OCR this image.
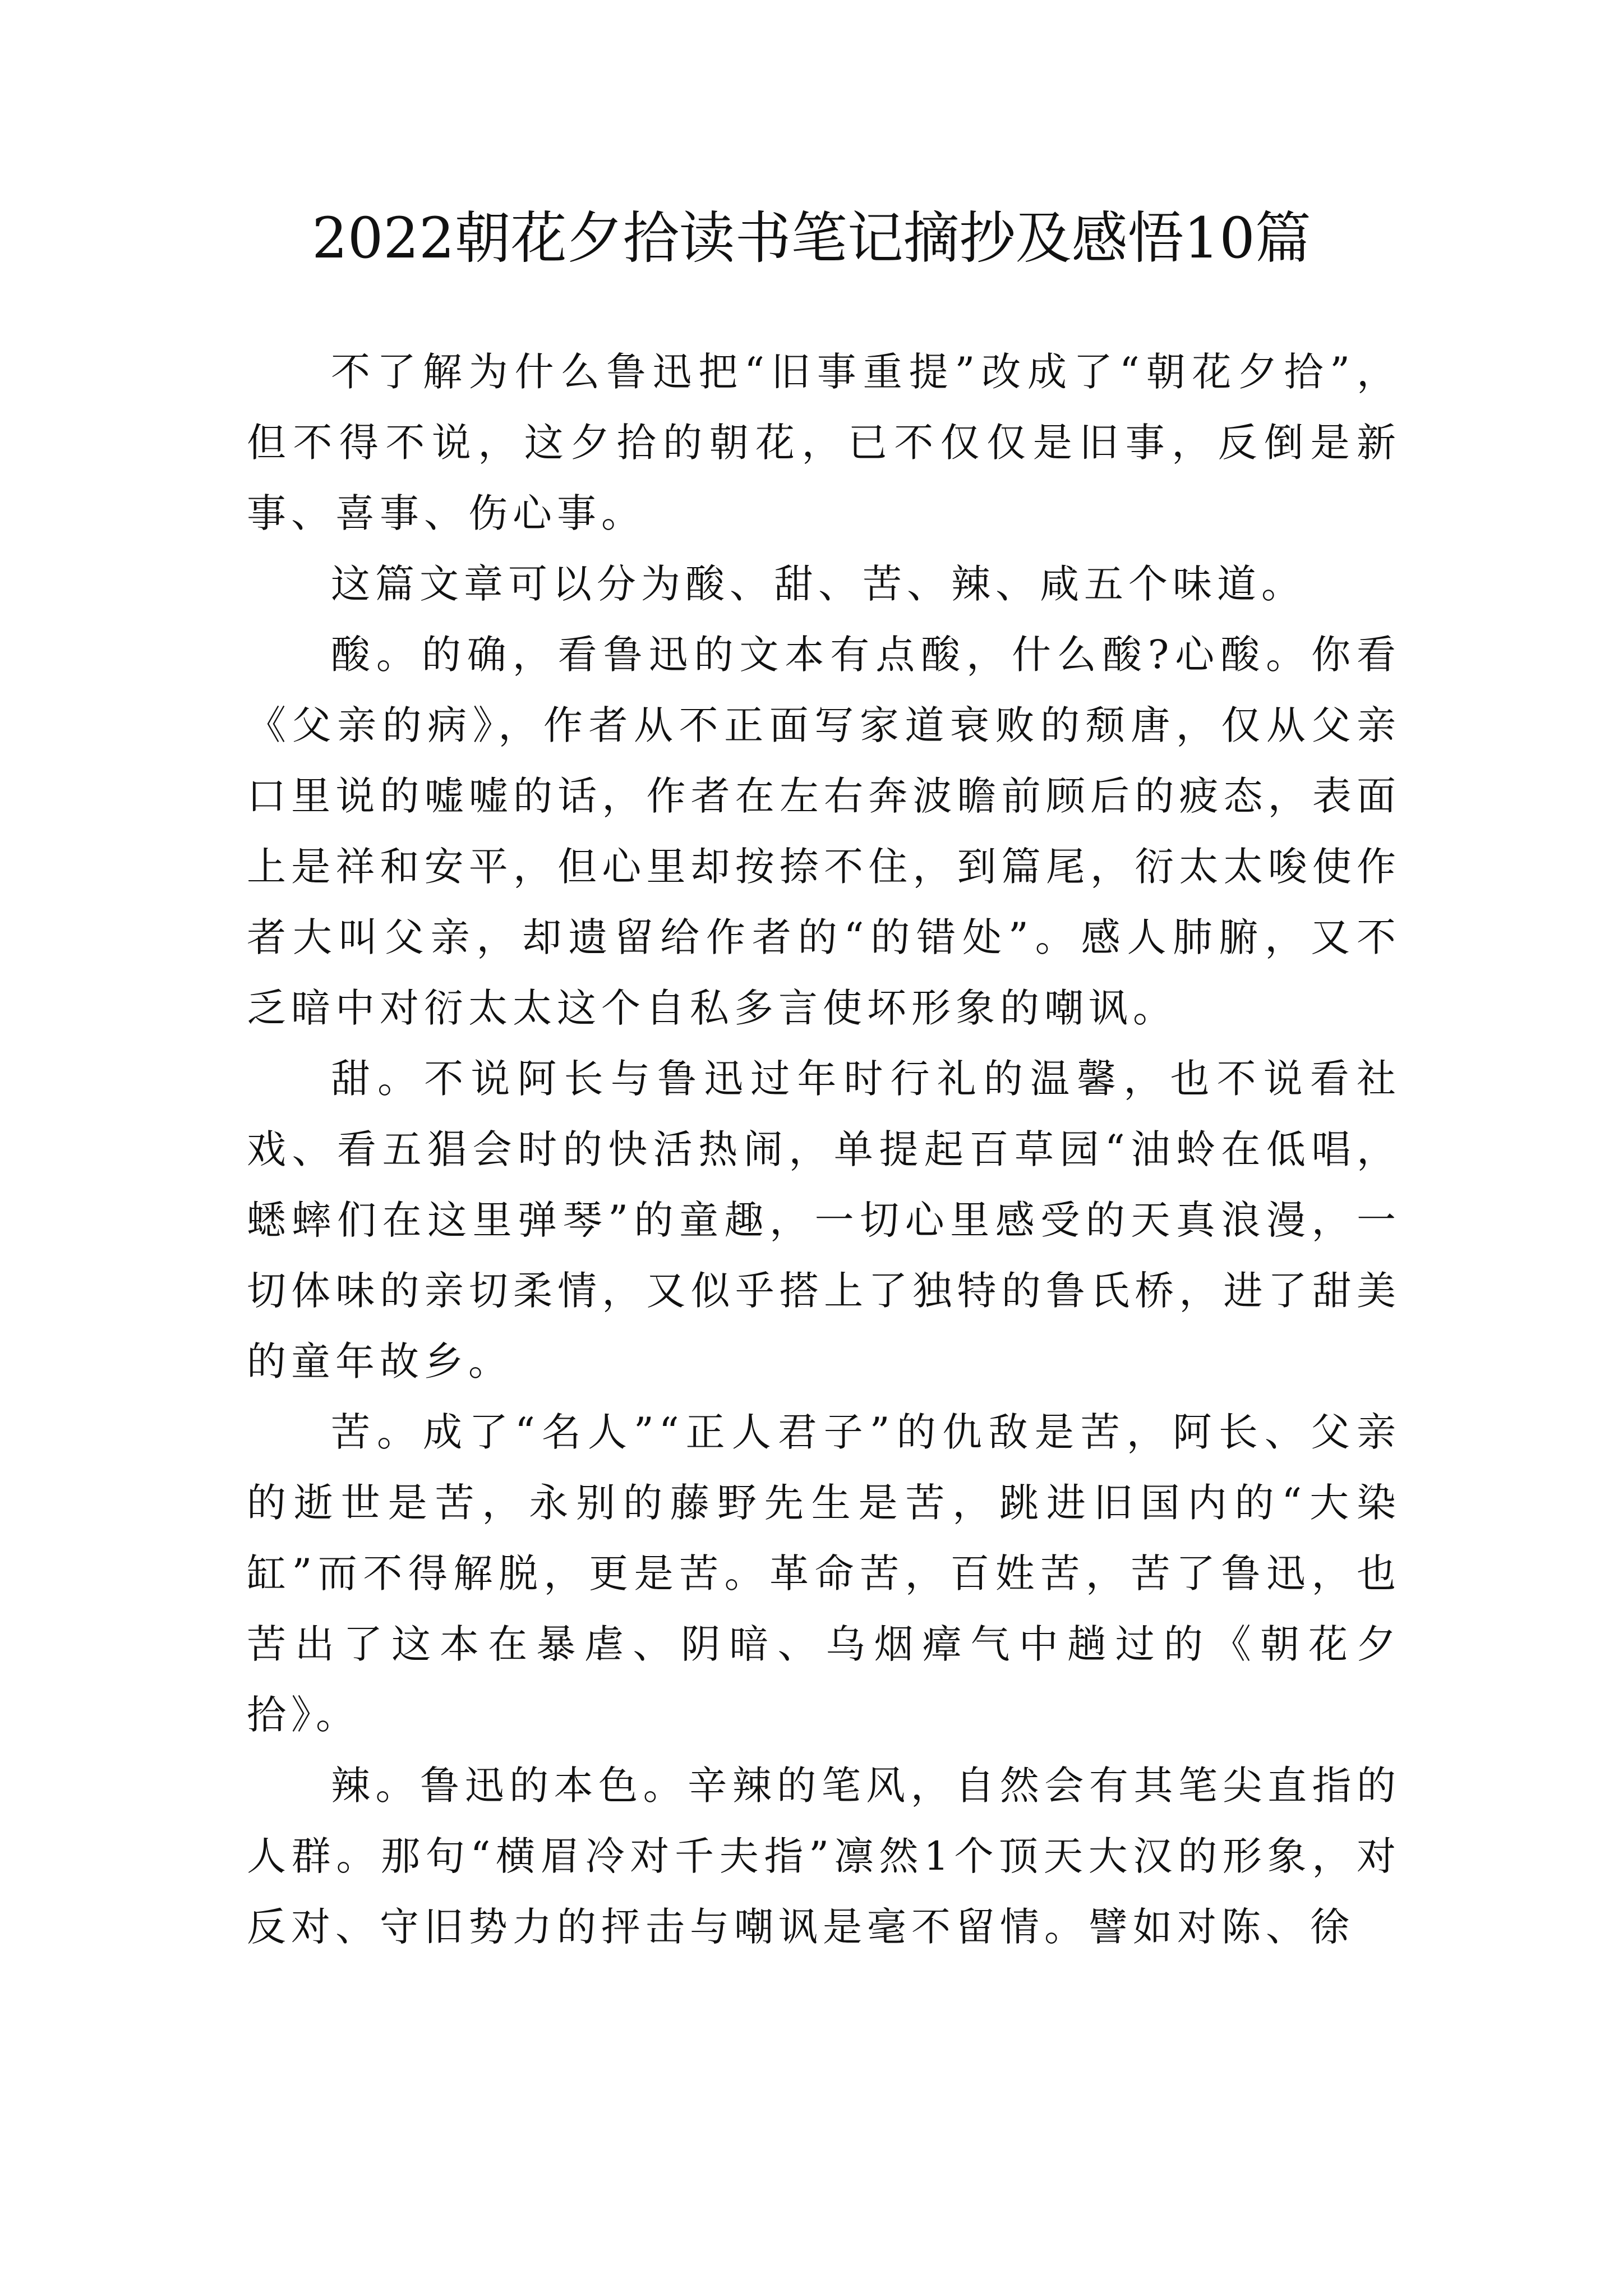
2022朝花夕拾读书笔记摘抄及感悟10篇

不了解为什么鲁迅把“旧事重提”改成了“朝花夕拾”，但不得不说，这夕拾的朝花，已不仅仅是旧事，反倒是新事、喜事、伤心事。

这篇文章可以分为酸、甜、苦、辣、咸五个味道。

酸。的确，看鲁迅的文本有点酸，什么酸?心酸。你看《父亲的病》，作者从不正面写家道衰败的颓唐，仅从父亲口里说的嘘嘘的话，作者在左右奔波瞻前顾后的疲态，表面上是祥和安平，但心里却按捺不住，到篇尾，衍太太唆使作者大叫父亲，却遗留给作者的“的错处”。感人肺腑，又不乏暗中对衍太太这个自私多言使坏形象的嘲讽。

甜。不说阿长与鲁迅过年时行礼的温馨，也不说看社戏、看五猖会时的快活热闹，单提起百草园“油蛉在低唱，蟋蟀们在这里弹琴”的童趣，一切心里感受的天真浪漫，一切体味的亲切柔情，又似乎搭上了独特的鲁氏桥，进了甜美的童年故乡。

苦。成了“名人”“正人君子”的仇敌是苦，阿长、父亲的逝世是苦，永别的藤野先生是苦，跳进旧国内的“大染缸”而不得解脱，更是苦。革命苦，百姓苦，苦了鲁迅，也苦出了这本在暴虐、阴暗、乌烟瘴气中趟过的《朝花夕拾》。

辣。鲁迅的本色。辛辣的笔风，自然会有其笔尖直指的人群。那句“横眉冷对千夫指”凛然1个顶天大汉的形象，对反对、守旧势力的抨击与嘲讽是毫不留情。譬如对陈、徐
